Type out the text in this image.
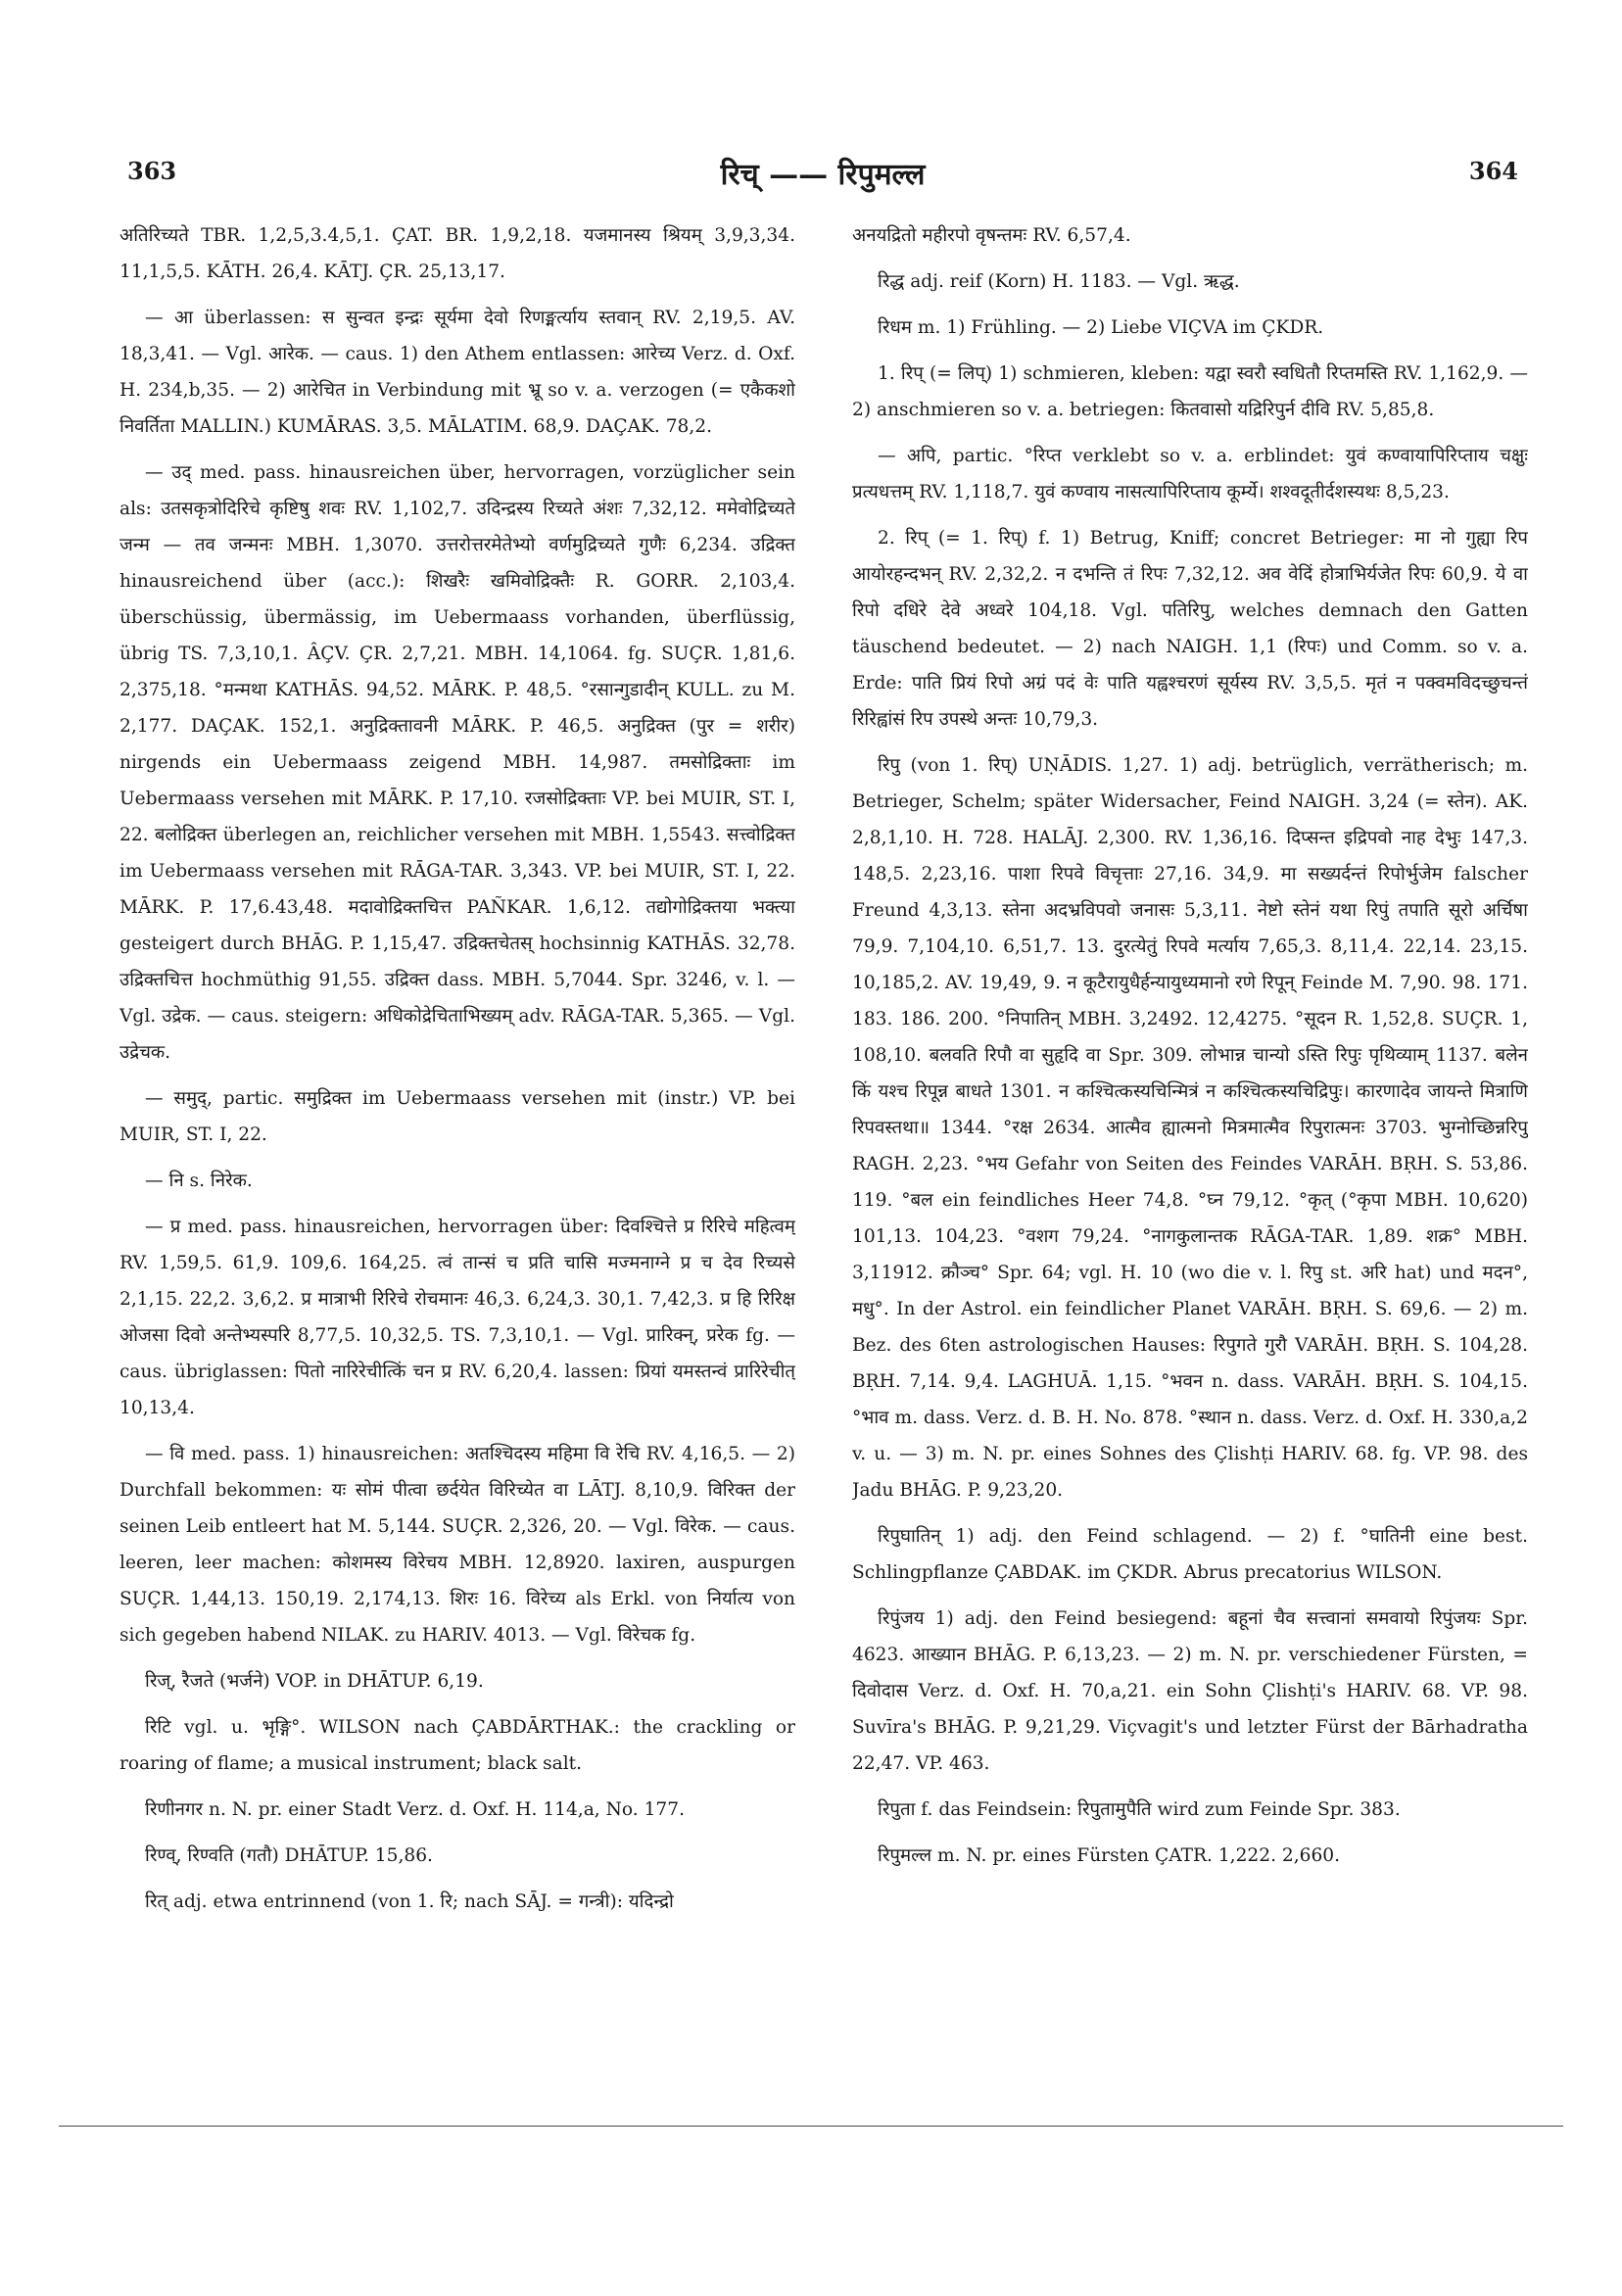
363	रिच् —— रिपुमल्ल	364

अतिरिच्यते TBR. 1,2,5,3.4,5,1. ÇAT. BR. 1,9,2,18. यजमानस्य श्रियम् 3,9,3,34. 11,1,5,5. KĀTH. 26,4. KĀTJ. ÇR. 25,13,17.

— आ überlassen: स सुन्वत इन्द्रः सूर्यमा देवो रिणङ्मर्त्याय स्तवान् RV. 2,19,5. AV. 18,3,41. — Vgl. आरेक. — caus. 1) den Athem entlassen: आरेच्य Verz. d. Oxf. H. 234,b,35. — 2) आरेचित in Verbindung mit भ्रू so v. a. verzogen (= एकैकशो निवर्तिता MALLIN.) KUMĀRAS. 3,5. MĀLATIM. 68,9. DAÇAK. 78,2.

— उद् med. pass. hinausreichen über, hervorragen, vorzüglicher sein als: उतसकृत्रोदिरिचे कृष्टिषु शवः RV. 1,102,7. उदिन्द्रस्य रिच्यते अंशः 7,32,12. ममेवोद्रिच्यते जन्म — तव जन्मनः MBH. 1,3070. उत्तरोत्तरमेतेभ्यो वर्णमुद्रिच्यते गुणैः 6,234. उद्रिक्त hinausreichend über (acc.): शिखरैः खमिवोद्रिक्तैः R. GORR. 2,103,4. überschüssig, übermässig, im Uebermaass vorhanden, überflüssig, übrig TS. 7,3,10,1. ÂÇV. ÇR. 2,7,21. MBH. 14,1064. fg. SUÇR. 1,81,6. 2,375,18. °मन्मथा KATHĀS. 94,52. MĀRK. P. 48,5. °रसान्गुडादीन् KULL. zu M. 2,177. DAÇAK. 152,1. अनुद्रिक्तावनी MĀRK. P. 46,5. अनुद्रिक्त (पुर = शरीर) nirgends ein Uebermaass zeigend MBH. 14,987. तमसोद्रिक्ताः im Uebermaass versehen mit MĀRK. P. 17,10. रजसोद्रिक्ताः VP. bei MUIR, ST. I, 22. बलोद्रिक्त überlegen an, reichlicher versehen mit MBH. 1,5543. सत्त्वोद्रिक्त im Uebermaass versehen mit RĀGA-TAR. 3,343. VP. bei MUIR, ST. I, 22. MĀRK. P. 17,6.43,48. मदावोद्रिक्तचित्त PAÑKAR. 1,6,12. तद्योगोद्रिक्तया भक्त्या gesteigert durch BHĀG. P. 1,15,47. उद्रिक्तचेतस् hochsinnig KATHĀS. 32,78. उद्रिक्तचित्त hochmüthig 91,55. उद्रिक्त dass. MBH. 5,7044. Spr. 3246, v. l. — Vgl. उद्रेक. — caus. steigern: अधिकोद्रेचिताभिख्यम् adv. RĀGA-TAR. 5,365. — Vgl. उद्रेचक.

— समुद्, partic. समुद्रिक्त im Uebermaass versehen mit (instr.) VP. bei MUIR, ST. I, 22.

— नि s. निरेक.

— प्र med. pass. hinausreichen, hervorragen über: दिवश्चित्ते प्र रिरिचे महित्वम् RV. 1,59,5. 61,9. 109,6. 164,25. त्वं तान्सं च प्रति चासि मज्मनाग्ने प्र च देव रिच्यसे 2,1,15. 22,2. 3,6,2. प्र मात्राभी रिरिचे रोचमानः 46,3. 6,24,3. 30,1. 7,42,3. प्र हि रिरिक्ष ओजसा दिवो अन्तेभ्यस्परि 8,77,5. 10,32,5. TS. 7,3,10,1. — Vgl. प्रारिक्न्, प्ररेक fg. — caus. übriglassen: पितो नारिरेचीत्किं चन प्र RV. 6,20,4. lassen: प्रियां यमस्तन्वं प्रारिरेचीत् 10,13,4.

— वि med. pass. 1) hinausreichen: अतश्चिदस्य महिमा वि रेचि RV. 4,16,5. — 2) Durchfall bekommen: यः सोमं पीत्वा छर्दयेत विरिच्येत वा LĀTJ. 8,10,9. विरिक्त der seinen Leib entleert hat M. 5,144. SUÇR. 2,326, 20. — Vgl. विरेक. — caus. leeren, leer machen: कोशमस्य विरेचय MBH. 12,8920. laxiren, auspurgen SUÇR. 1,44,13. 150,19. 2,174,13. शिरः 16. विरेच्य als Erkl. von निर्यात्य von sich gegeben habend NILAK. zu HARIV. 4013. — Vgl. विरेचक fg.

रिज्, रैजते (भर्जने) VOP. in DHĀTUP. 6,19.

रिटि vgl. u. भृङ्गि°. WILSON nach ÇABDĀRTHAK.: the crackling or roaring of flame; a musical instrument; black salt.

रिणीनगर n. N. pr. einer Stadt Verz. d. Oxf. H. 114,a, No. 177.

रिण्व्, रिण्वति (गतौ) DHĀTUP. 15,86.

रित् adj. etwa entrinnend (von 1. रि; nach SĀJ. = गन्त्री): यदिन्द्रो

अनयद्रितो महीरपो वृषन्तमः RV. 6,57,4.

रिद्ध adj. reif (Korn) H. 1183. — Vgl. ऋद्ध.

रिधम m. 1) Frühling. — 2) Liebe VIÇVA im ÇKDR.

1. रिप् (= लिप्) 1) schmieren, kleben: यद्वा स्वरौ स्वधितौ रिप्तमस्ति RV. 1,162,9. — 2) anschmieren so v. a. betriegen: कितवासो यद्रिरिपुर्न दीवि RV. 5,85,8.

— अपि, partic. °रिप्त verklebt so v. a. erblindet: युवं कण्वायापिरिप्ताय चक्षुः प्रत्यधत्तम् RV. 1,118,7. युवं कण्वाय नासत्यापिरिप्ताय कूर्म्ये। शश्वदूतीर्दशस्यथः 8,5,23.

2. रिप् (= 1. रिप्) f. 1) Betrug, Kniff; concret Betrieger: मा नो गुह्या रिप आयोरहन्दभन् RV. 2,32,2. न दभन्ति तं रिपः 7,32,12. अव वेदिं होत्राभिर्यजेत रिपः 60,9. ये वा रिपो दधिरे देवे अध्वरे 104,18. Vgl. पतिरिपु, welches demnach den Gatten täuschend bedeutet. — 2) nach NAIGH. 1,1 (रिपः) und Comm. so v. a. Erde: पाति प्रियं रिपो अग्रं पदं वेः पाति यह्वश्चरणं सूर्यस्य RV. 3,5,5. मृतं न पक्वमविदच्छुचन्तं रिरिह्वांसं रिप उपस्थे अन्तः 10,79,3.

रिपु (von 1. रिप्) UṆĀDIS. 1,27. 1) adj. betrüglich, verrätherisch; m. Betrieger, Schelm; später Widersacher, Feind NAIGH. 3,24 (= स्तेन). AK. 2,8,1,10. H. 728. HALĀJ. 2,300. RV. 1,36,16. दिप्सन्त इद्रिपवो नाह देभुः 147,3. 148,5. 2,23,16. पाशा रिपवे विचृत्ताः 27,16. 34,9. मा सख्यर्दन्तं रिपोर्भुजेम falscher Freund 4,3,13. स्तेना अदभ्रविपवो जनासः 5,3,11. नेष्टो स्तेनं यथा रिपुं तपाति सूरो अर्चिषा 79,9. 7,104,10. 6,51,7. 13. दुरत्येतुं रिपवे मर्त्याय 7,65,3. 8,11,4. 22,14. 23,15. 10,185,2. AV. 19,49, 9. न कूटैरायुधैर्हन्यायुध्यमानो रणे रिपून् Feinde M. 7,90. 98. 171. 183. 186. 200. °निपातिन् MBH. 3,2492. 12,4275. °सूदन R. 1,52,8. SUÇR. 1, 108,10. बलवति रिपौ वा सुहृदि वा Spr. 309. लोभान्न चान्यो ऽस्ति रिपुः पृथिव्याम् 1137. बलेन किं यश्च रिपून्न बाधते 1301. न कश्चित्कस्यचिन्मित्रं न कश्चित्कस्यचिद्रिपुः। कारणादेव जायन्ते मित्राणि रिपवस्तथा॥ 1344. °रक्ष 2634. आत्मैव ह्यात्मनो मित्रमात्मैव रिपुरात्मनः 3703. भुग्नोच्छिन्नरिपु RAGH. 2,23. °भय Gefahr von Seiten des Feindes VARĀH. BṚH. S. 53,86. 119. °बल ein feindliches Heer 74,8. °घ्न 79,12. °कृत् (°कृपा MBH. 10,620) 101,13. 104,23. °वशग 79,24. °नागकुलान्तक RĀGA-TAR. 1,89. शक्र° MBH. 3,11912. क्रौञ्च° Spr. 64; vgl. H. 10 (wo die v. l. रिपु st. अरि hat) und मदन°, मधु°. In der Astrol. ein feindlicher Planet VARĀH. BṚH. S. 69,6. — 2) m. Bez. des 6ten astrologischen Hauses: रिपुगते गुरौ VARĀH. BṚH. S. 104,28. BṚH. 7,14. 9,4. LAGHUĀ. 1,15. °भवन n. dass. VARĀH. BṚH. S. 104,15. °भाव m. dass. Verz. d. B. H. No. 878. °स्थान n. dass. Verz. d. Oxf. H. 330,a,2 v. u. — 3) m. N. pr. eines Sohnes des Çlishṭi HARIV. 68. fg. VP. 98. des Jadu BHĀG. P. 9,23,20.

रिपुघातिन् 1) adj. den Feind schlagend. — 2) f. °घातिनी eine best. Schlingpflanze ÇABDAK. im ÇKDR. Abrus precatorius WILSON.

रिपुंजय 1) adj. den Feind besiegend: बहूनां चैव सत्त्वानां समवायो रिपुंजयः Spr. 4623. आख्यान BHĀG. P. 6,13,23. — 2) m. N. pr. verschiedener Fürsten, = दिवोदास Verz. d. Oxf. H. 70,a,21. ein Sohn Çlishṭi's HARIV. 68. VP. 98. Suvīra's BHĀG. P. 9,21,29. Viçvagit's und letzter Fürst der Bārhadratha 22,47. VP. 463.

रिपुता f. das Feindsein: रिपुतामुपैति wird zum Feinde Spr. 383.

रिपुमल्ल m. N. pr. eines Fürsten ÇATR. 1,222. 2,660.
